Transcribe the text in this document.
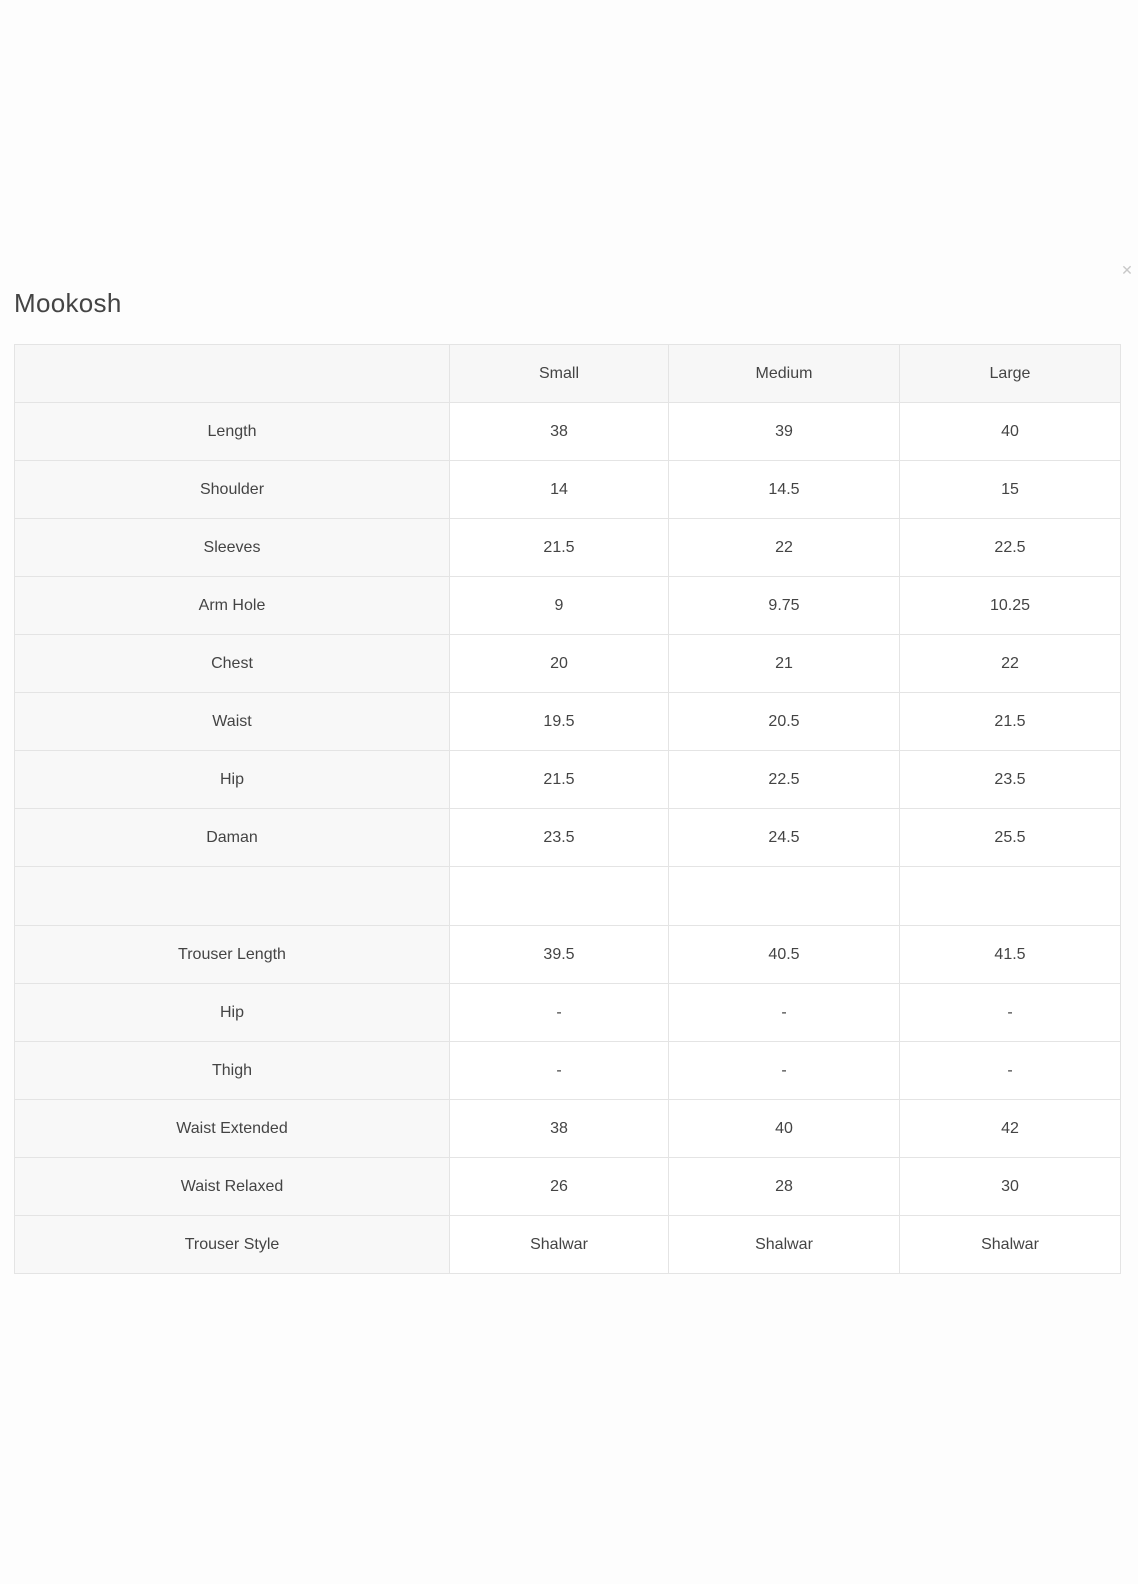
✕
Mookosh
	Small	Medium	Large
Length	38	39	40
Shoulder	14	14.5	15
Sleeves	21.5	22	22.5
Arm Hole	9	9.75	10.25
Chest	20	21	22
Waist	19.5	20.5	21.5
Hip	21.5	22.5	23.5
Daman	23.5	24.5	25.5

Trouser Length	39.5	40.5	41.5
Hip	-	-	-
Thigh	-	-	-
Waist Extended	38	40	42
Waist Relaxed	26	28	30
Trouser Style	Shalwar	Shalwar	Shalwar
